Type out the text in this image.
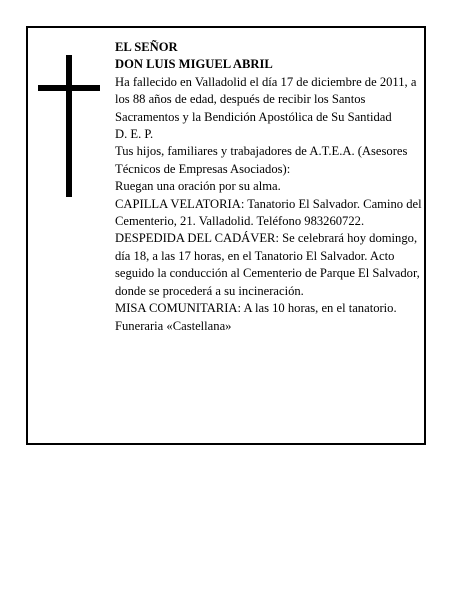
EL SEÑOR

DON LUIS MIGUEL ABRIL

Ha fallecido en Valladolid el día 17 de diciembre de 2011, a los 88 años de edad, después de recibir los Santos Sacramentos y la Bendición Apostólica de Su Santidad

D. E. P.

Tus hijos, familiares y trabajadores de A.T.E.A. (Asesores Técnicos de Empresas Asociados):

Ruegan una oración por su alma.

CAPILLA VELATORIA: Tanatorio El Salvador. Camino del Cementerio, 21. Valladolid. Teléfono 983260722.

DESPEDIDA DEL CADÁVER: Se celebrará hoy domingo, día 18, a las 17 horas, en el Tanatorio El Salvador. Acto seguido la conducción al Cementerio de Parque El Salvador, donde se procederá a su incineración.

MISA COMUNITARIA: A las 10 horas, en el tanatorio.

Funeraria «Castellana»
